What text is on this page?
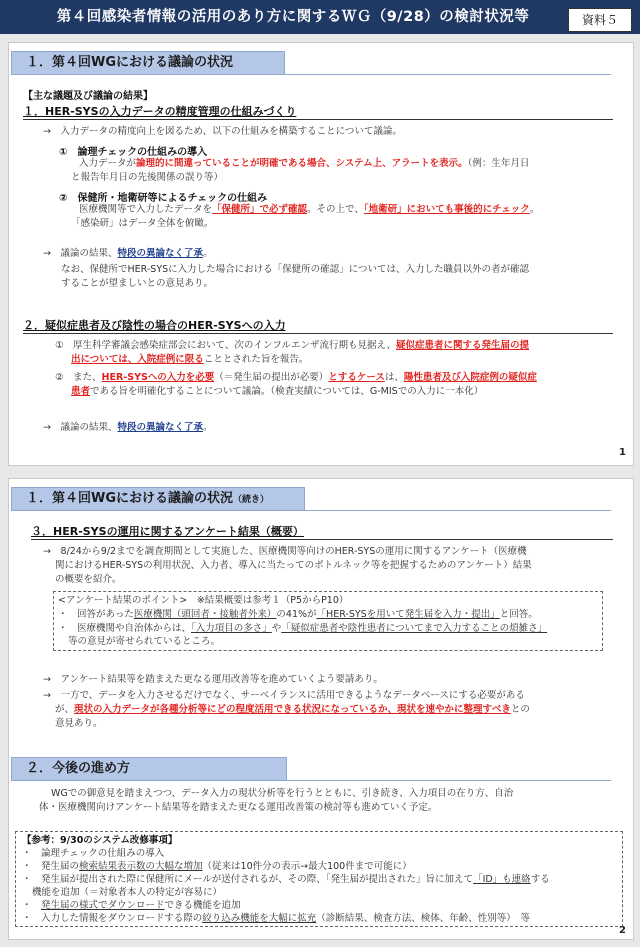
第４回感染者情報の活用のあり方に関するＷＧ（9/28）の検討状況等	資料５
１．第４回WGにおける議論の状況
【主な議題及び議論の結果】
１．HER-SYSの入力データの精度管理の仕組みづくり
→　入力データの精度向上を図るため、以下の仕組みを構築することについて議論。
①　論理チェックの仕組みの導入
入力データが論理的に間違っていることが明確である場合、システム上、アラートを表示。（例：生年月日
と報告年月日の先後関係の誤り等）
②　保健所・地衛研等によるチェックの仕組み
医療機関等で入力したデータを「保健所」で必ず確認。その上で、「地衛研」においても事後的にチェック。
「感染研」はデータ全体を俯瞰。
→　議論の結果、特段の異論なく了承。
なお、保健所でHER-SYSに入力した場合における「保健所の確認」については、入力した職員以外の者が確認
することが望ましいとの意見あり。
２．疑似症患者及び陰性の場合のHER-SYSへの入力
①　厚生科学審議会感染症部会において、次のインフルエンザ流行期も見据え、疑似症患者に関する発生届の提
出については、入院症例に限ることとされた旨を報告。
②　また、HER-SYSへの入力を必要（＝発生届の提出が必要）とするケースは、陽性患者及び入院症例の疑似症
患者である旨を明確化することについて議論。（検査実績については、G-MISでの入力に一本化）
→　議論の結果、特段の異論なく了承。
1
１．第４回WGにおける議論の状況（続き）
３．HER-SYSの運用に関するアンケート結果（概要）
→　8/24から9/2までを調査期間として実施した、医療機関等向けのHER-SYSの運用に関するアンケート（医療機
関におけるHER-SYSの利用状況、入力者、導入に当たってのボトルネック等を把握するためのアンケート）結果
の概要を紹介。
<アンケート結果のポイント>　※結果概要は参考１（P5からP10）
・　回答があった医療機関（頭回者・接触者外来）の41%が「HER-SYSを用いて発生届を入力・提出」と回答。
・　医療機関や自治体からは、「入力項目の多さ」や「疑似症患者や陰性患者についてまで入力することの煩雑さ」
等の意見が寄せられているところ。
→　アンケート結果等を踏まえた更なる運用改善等を進めていくよう要請あり。
→　一方で、データを入力させるだけでなく、サーベイランスに活用できるようなデータベースにする必要がある
が、現状の入力データが各種分析等にどの程度活用できる状況になっているか、現状を速やかに整理すべきとの
意見あり。
２．今後の進め方
WGでの御意見を踏まえつつ、データ入力の現状分析等を行うとともに、引き続き、入力項目の在り方、自治
体・医療機関向けアンケート結果等を踏まえた更なる運用改善策の検討等も進めていく予定。
【参考：9/30のシステム改修事項】
・　論理チェックの仕組みの導入
・　発生届の検索結果表示数の大幅な増加（従来は10件分の表示→最大100件まで可能に）
・　発生届が提出された際に保健所にメールが送付されるが、その際、「発生届が提出された」旨に加えて「ID」も連絡する
機能を追加（＝対象者本人の特定が容易に）
・　発生届の様式でダウンロードできる機能を追加
・　入力した情報をダウンロードする際の絞り込み機能を大幅に拡充（診断結果、検査方法、検体、年齢、性別等）　等
2
